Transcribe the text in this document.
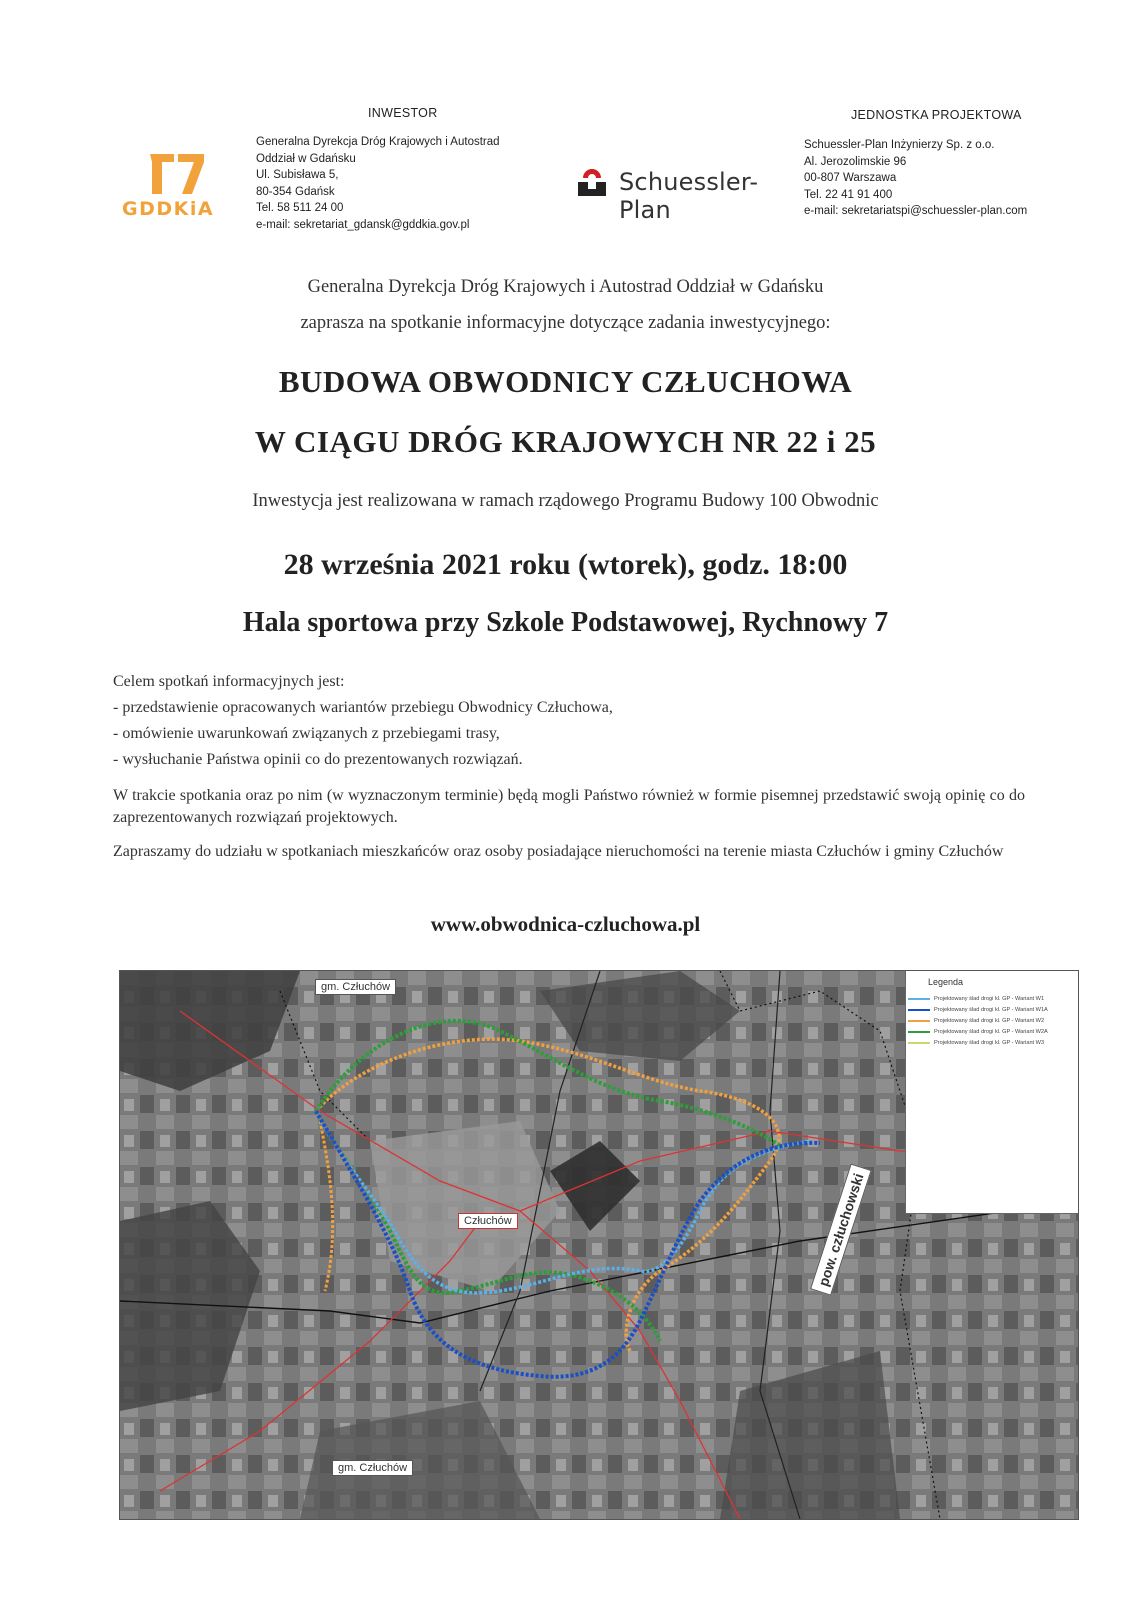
GDDKiA
INWESTOR
Generalna Dyrekcja Dróg Krajowych i Autostrad
Oddział w Gdańsku
Ul. Subisława 5,
80-354 Gdańsk
Tel. 58 511 24 00
e-mail: sekretariat_gdansk@gddkia.gov.pl
Schuessler-Plan
JEDNOSTKA PROJEKTOWA
Schuessler-Plan Inżynierzy Sp. z o.o.
Al. Jerozolimskie 96
00-807 Warszawa
Tel. 22 41 91 400
e-mail: sekretariatspi@schuessler-plan.com
Generalna Dyrekcja Dróg Krajowych i Autostrad Oddział w Gdańsku
zaprasza na spotkanie informacyjne dotyczące zadania inwestycyjnego:
BUDOWA OBWODNICY CZŁUCHOWA
W CIĄGU DRÓG KRAJOWYCH NR 22 i 25
Inwestycja jest realizowana w ramach rządowego Programu Budowy 100 Obwodnic
28 września 2021 roku (wtorek), godz. 18:00
Hala sportowa przy Szkole Podstawowej, Rychnowy 7
Celem spotkań informacyjnych jest:
- przedstawienie opracowanych wariantów przebiegu Obwodnicy Człuchowa,
- omówienie uwarunkowań związanych z przebiegami trasy,
- wysłuchanie Państwa opinii co do prezentowanych rozwiązań.
W trakcie spotkania oraz po nim (w wyznaczonym terminie) będą mogli Państwo również w formie pisemnej przedstawić swoją opinię co do zaprezentowanych rozwiązań projektowych.
Zapraszamy do udziału w spotkaniach mieszkańców oraz osoby posiadające nieruchomości na terenie miasta Człuchów i gminy Człuchów
www.obwodnica-czluchowa.pl
gm. Człuchów
Człuchów
gm. Człuchów
pow. człuchowski
Legenda
Projektowany ślad drogi kl. GP - Wariant W1
Projektowany ślad drogi kl. GP - Wariant W1A
Projektowany ślad drogi kl. GP - Wariant W2
Projektowany ślad drogi kl. GP - Wariant W2A
Projektowany ślad drogi kl. GP - Wariant W3
